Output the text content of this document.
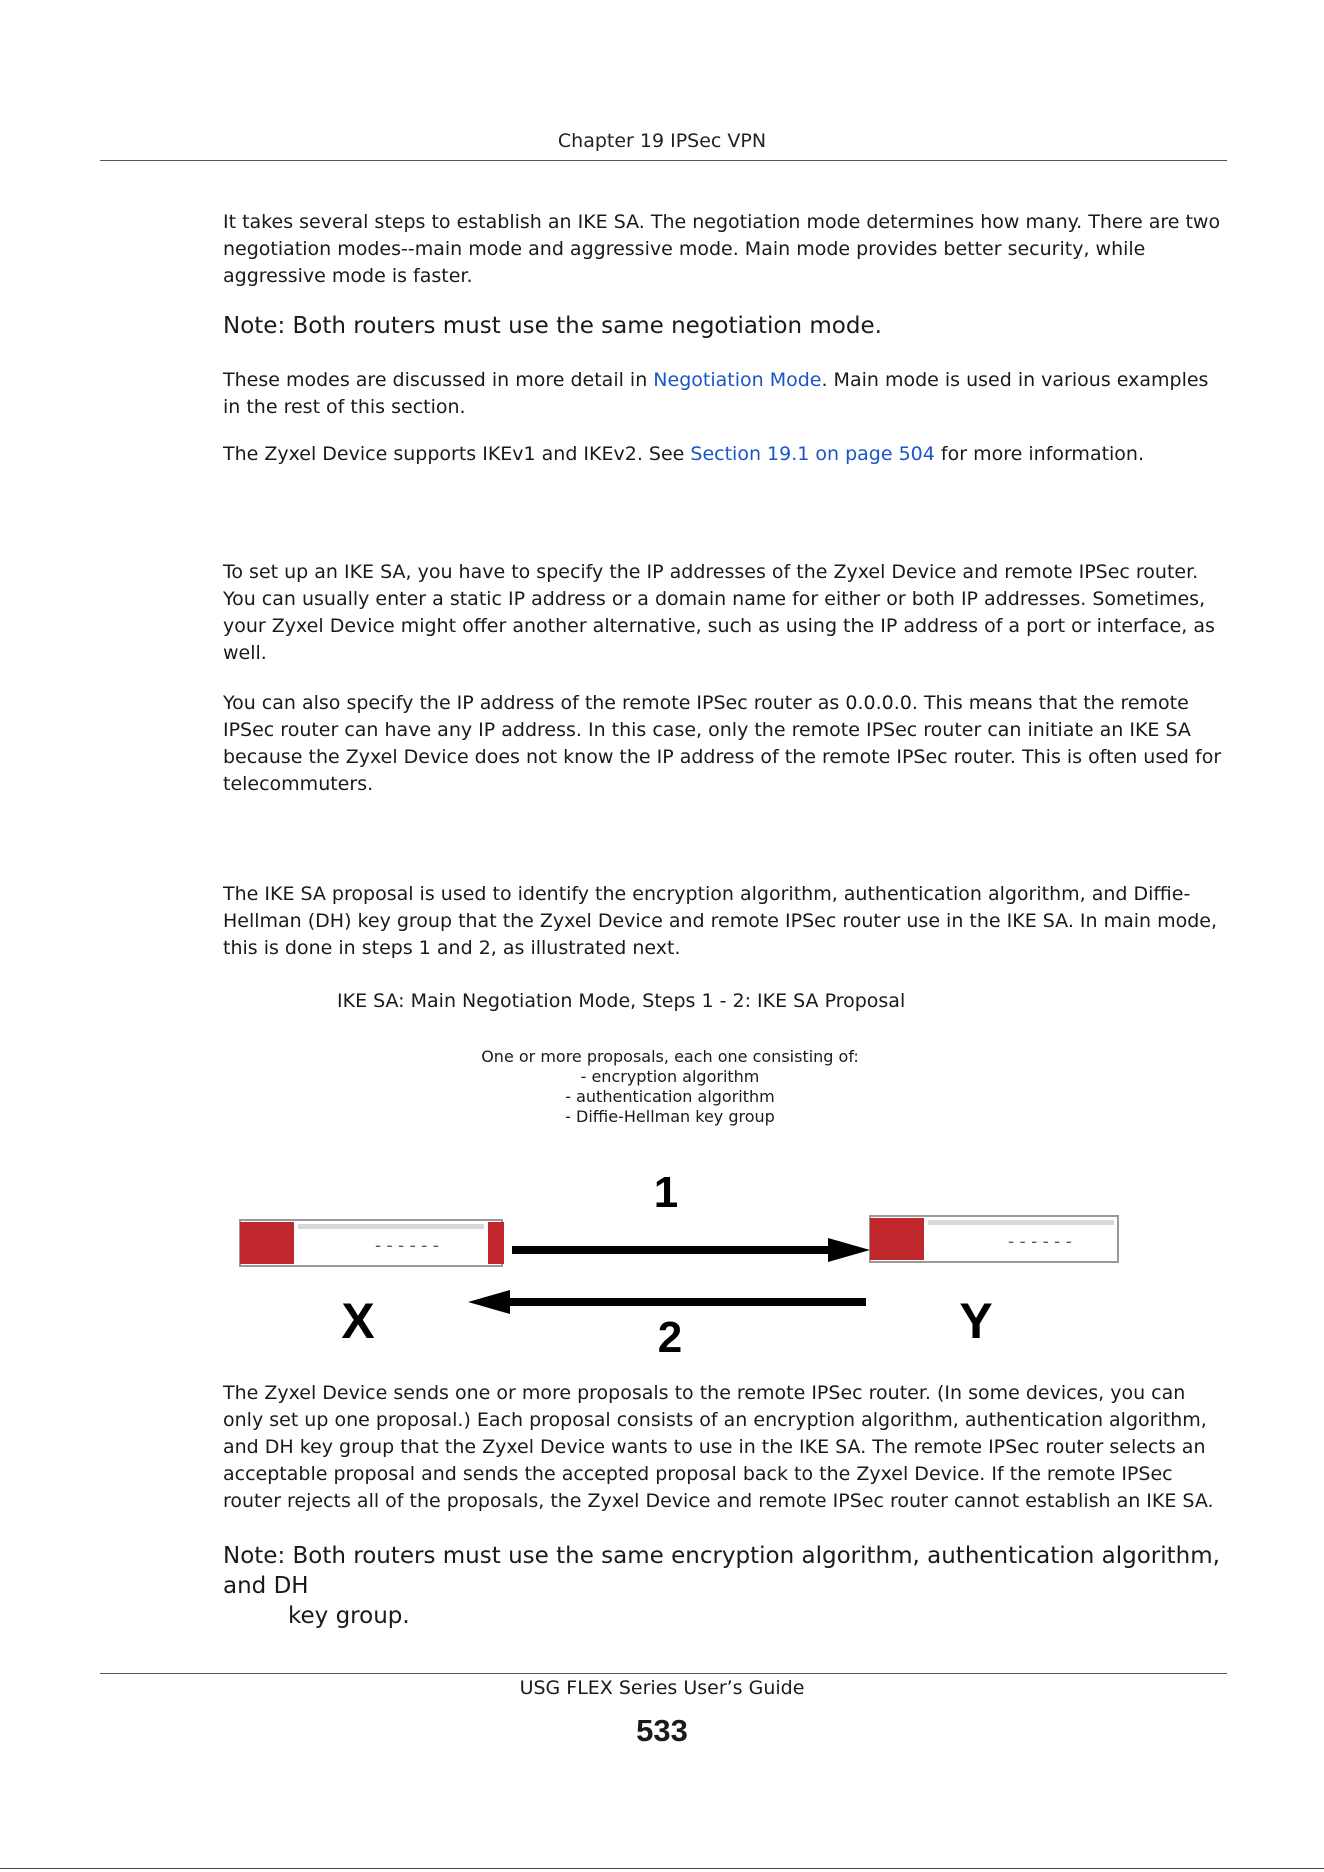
Chapter 19 IPSec VPN

It takes several steps to establish an IKE SA. The negotiation mode determines how many. There are two negotiation modes--main mode and aggressive mode. Main mode provides better security, while aggressive mode is faster.

Note: Both routers must use the same negotiation mode.

These modes are discussed in more detail in Negotiation Mode. Main mode is used in various examples in the rest of this section.

The Zyxel Device supports IKEv1 and IKEv2. See Section 19.1 on page 504 for more information.

To set up an IKE SA, you have to specify the IP addresses of the Zyxel Device and remote IPSec router. You can usually enter a static IP address or a domain name for either or both IP addresses. Sometimes, your Zyxel Device might offer another alternative, such as using the IP address of a port or interface, as well.

You can also specify the IP address of the remote IPSec router as 0.0.0.0. This means that the remote IPSec router can have any IP address. In this case, only the remote IPSec router can initiate an IKE SA because the Zyxel Device does not know the IP address of the remote IPSec router. This is often used for telecommuters.

The IKE SA proposal is used to identify the encryption algorithm, authentication algorithm, and Diffie-Hellman (DH) key group that the Zyxel Device and remote IPSec router use in the IKE SA. In main mode, this is done in steps 1 and 2, as illustrated next.

IKE SA: Main Negotiation Mode, Steps 1 - 2: IKE SA Proposal
One or more proposals, each one consisting of:
- encryption algorithm
- authentication algorithm
- Diffie-Hellman key group
- - - - - -	- - - - - -
1
2
X	Y

The Zyxel Device sends one or more proposals to the remote IPSec router. (In some devices, you can only set up one proposal.) Each proposal consists of an encryption algorithm, authentication algorithm, and DH key group that the Zyxel Device wants to use in the IKE SA. The remote IPSec router selects an acceptable proposal and sends the accepted proposal back to the Zyxel Device. If the remote IPSec router rejects all of the proposals, the Zyxel Device and remote IPSec router cannot establish an IKE SA.

Note: Both routers must use the same encryption algorithm, authentication algorithm, and DH
key group.
USG FLEX Series User’s Guide
533
